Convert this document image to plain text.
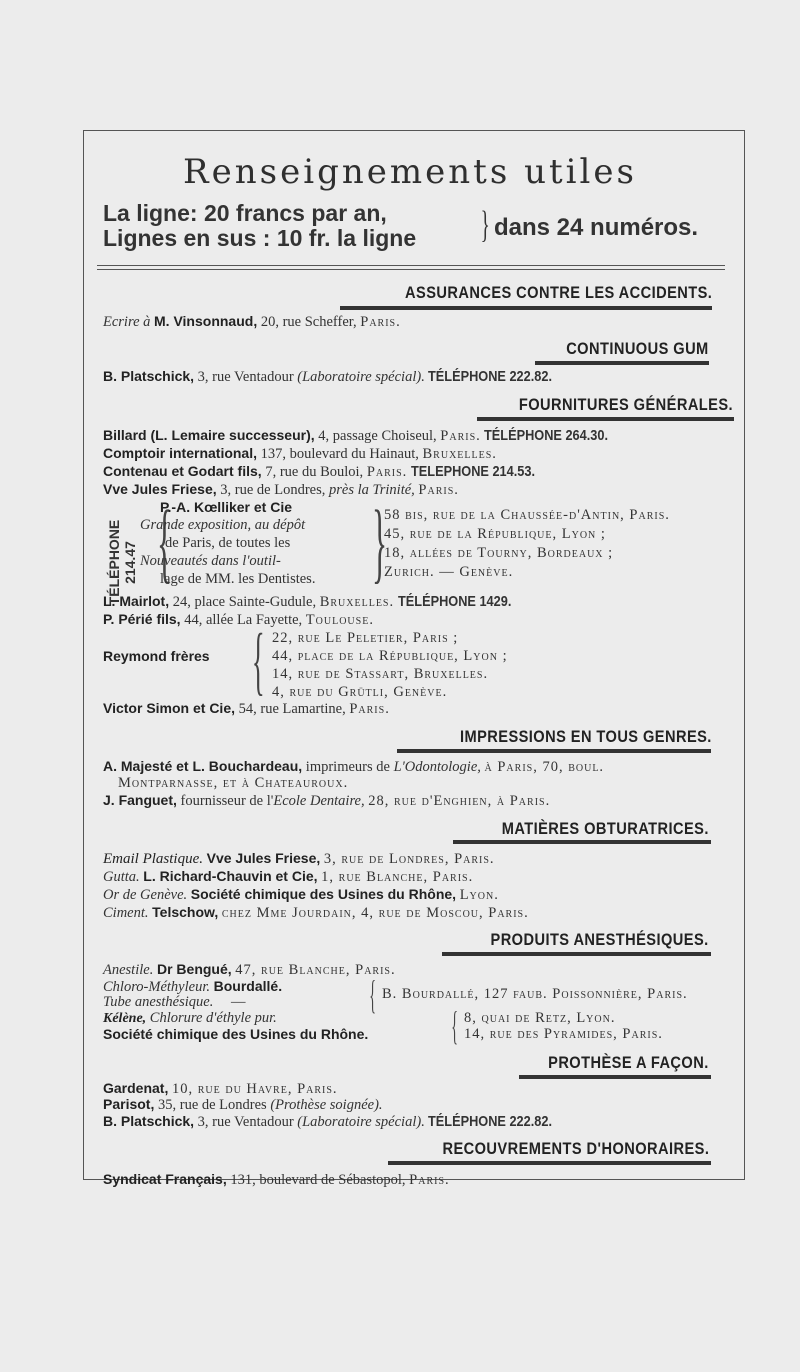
Renseignements utiles
La ligne: 20 francs par an,
Lignes en sus : 10 fr. la ligne } dans 24 numéros.
ASSURANCES CONTRE LES ACCIDENTS.
Ecrire à M. Vinsonnaud, 20, rue Scheffer, Paris.
CONTINUOUS GUM
B. Platschick, 3, rue Ventadour (Laboratoire spécial). TÉLÉPHONE 222.82.
FOURNITURES GÉNÉRALES.
Billard (L. Lemaire successeur), 4, passage Choiseul, Paris. TÉLÉPHONE 264.30.
Comptoir international, 137, boulevard du Hainaut, Bruxelles.
Contenau et Godart fils, 7, rue du Bouloi, Paris. TELEPHONE 214.53.
Vve Jules Friese, 3, rue de Londres, près la Trinité, Paris.
TÉLÉPHONE 214.47 {
P.-A. Kœlliker et Cie
Grande exposition, au dépôt
de Paris, de toutes les
Nouveautés dans l'outil-
lage de MM. les Dentistes. }
58 bis, rue de la Chaussée-d'Antin, Paris.
45, rue de la République, Lyon ;
18, allées de Tourny, Bordeaux ;
Zurich. — Genève.
L. Mairlot, 24, place Sainte-Gudule, Bruxelles. TÉLÉPHONE 1429.
P. Périé fils, 44, allée La Fayette, Toulouse.
Reymond frères { 22, rue Le Peletier, Paris ;
44, place de la République, Lyon ;
14, rue de Stassart, Bruxelles.
4, rue du Grütli, Genève.
Victor Simon et Cie, 54, rue Lamartine, Paris.
IMPRESSIONS EN TOUS GENRES.
A. Majesté et L. Bouchardeau, imprimeurs de L'Odontologie, à Paris, 70, boul.
Montparnasse, et à Chateauroux.
J. Fanguet, fournisseur de l'Ecole Dentaire, 28, rue d'Enghien, à Paris.
MATIÈRES OBTURATRICES.
Email Plastique. Vve Jules Friese, 3, rue de Londres, Paris.
Gutta. L. Richard-Chauvin et Cie, 1, rue Blanche, Paris.
Or de Genève. Société chimique des Usines du Rhône, Lyon.
Ciment. Telschow, chez Mme Jourdain, 4, rue de Moscou, Paris.
PRODUITS ANESTHÉSIQUES.
Anestile. Dr Bengué, 47, rue Blanche, Paris.
Chloro-Méthyleur. Bourdallé.
Tube anesthésique. —	{ B. Bourdallé, 127 faub. Poissonnière, Paris.
Kélène, Chlorure d'éthyle pur.
Société chimique des Usines du Rhône. { 8, quai de Retz, Lyon.
14, rue des Pyramides, Paris.
PROTHÈSE A FAÇON.
Gardenat, 10, rue du Havre, Paris.
Parisot, 35, rue de Londres (Prothèse soignée).
B. Platschick, 3, rue Ventadour (Laboratoire spécial). TÉLÉPHONE 222.82.
RECOUVREMENTS D'HONORAIRES.
Syndicat Français, 131, boulevard de Sébastopol, Paris.
